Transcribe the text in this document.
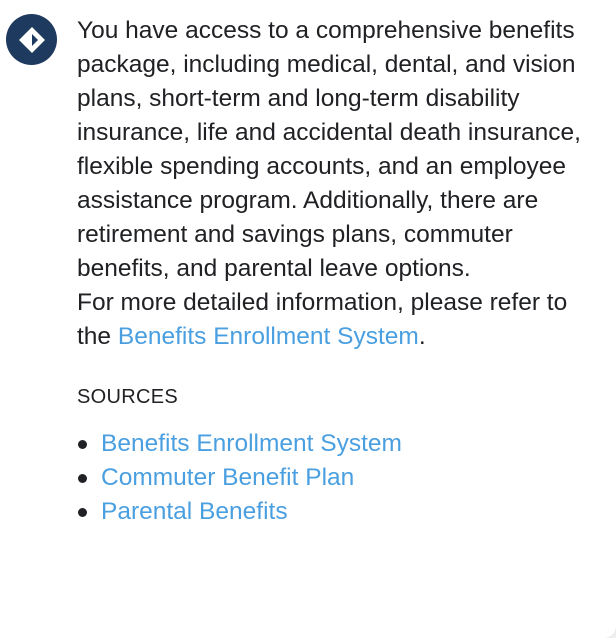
You have access to a comprehensive benefits package, including medical, dental, and vision plans, short-term and long-term disability insurance, life and accidental death insurance, flexible spending accounts, and an employee assistance program. Additionally, there are retirement and savings plans, commuter benefits, and parental leave options.

For more detailed information, please refer to the Benefits Enrollment System.

SOURCES
Benefits Enrollment System
Commuter Benefit Plan
Parental Benefits
